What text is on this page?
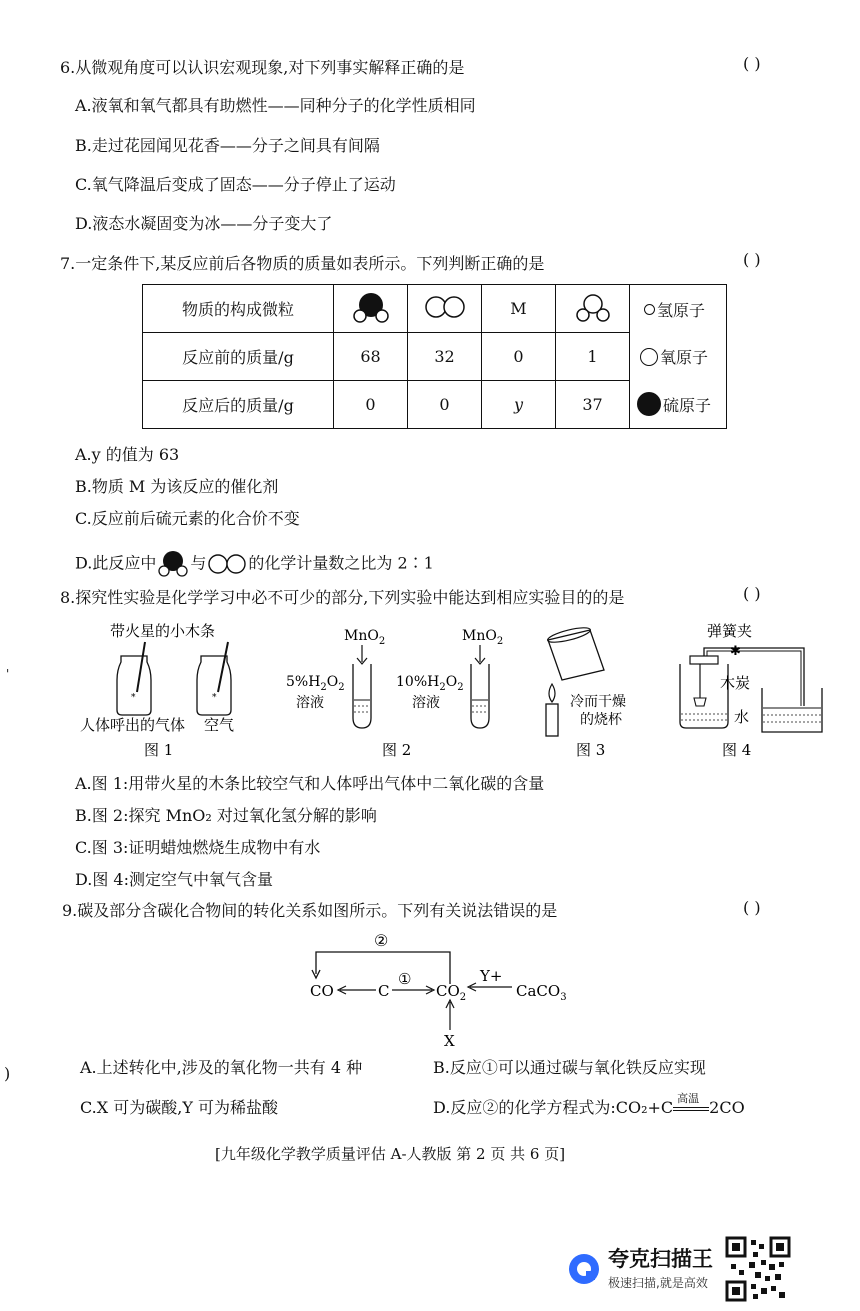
6.从微观角度可以认识宏观现象,对下列事实解释正确的是	( )
A.液氧和氧气都具有助燃性——同种分子的化学性质相同
B.走过花园闻见花香——分子之间具有间隔
C.氧气降温后变成了固态——分子停止了运动
D.液态水凝固变为冰——分子变大了
7.一定条件下,某反应前后各物质的质量如表所示。下列判断正确的是	( )
物质的构成微粒			M		
反应前的质量/g	68	32	0	1	
反应后的质量/g	0	0	y	37	
氢原子
氧原子
硫原子
A.y 的值为 63
B.物质 M 为该反应的催化剂
C.反应前后硫元素的化合价不变
D.此反应中 与	的化学计量数之比为 2∶1
8.探究性实验是化学学习中必不可少的部分,下列实验中能达到相应实验目的的是	( )
带火星的小木条
*	*
人体呼出的气体 空气
图 1
MnO$_2$
$5\%H_2O_2$
溶液
MnO$_2$
$10\%H_2O_2$
溶液
图 2
冷而干燥
的烧杯
图 3
弹簧夹
✱
木炭
水
图 4
A.图 1:用带火星的木条比较空气和人体呼出气体中二氧化碳的含量
B.图 2:探究 MnO₂ 对过氧化氢分解的影响
C.图 3:证明蜡烛燃烧生成物中有水
D.图 4:测定空气中氧气含量
9.碳及部分含碳化合物间的转化关系如图所示。下列有关说法错误的是	( )
②
CO	C
①
$CO_2$
Y+
CaCO$_3$
X
A.上述转化中,涉及的氧化物一共有 4 种	B.反应①可以通过碳与氧化铁反应实现
C.X 可为碳酸,Y 可为稀盐酸	D.反应②的化学方程式为:CO₂+C 高温 2CO
[九年级化学教学质量评估 A-人教版 第 2 页 共 6 页]
'
)
夸克扫描王
极速扫描,就是高效
